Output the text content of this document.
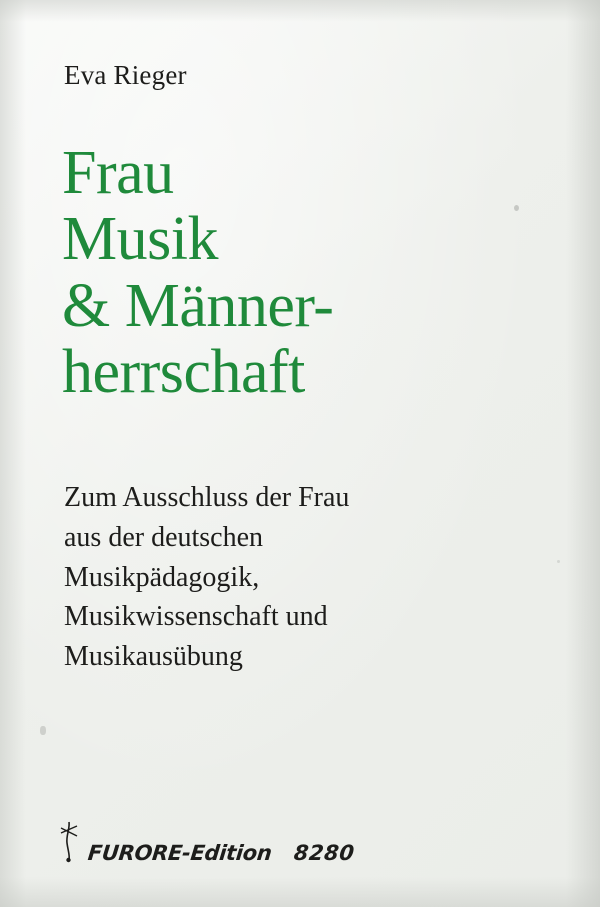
Eva Rieger
Frau
Musik
& Männer-
herrschaft
Zum Ausschluss der Frau
aus der deutschen
Musikpädagogik,
Musikwissenschaft und
Musikausübung
FURORE-Edition 8280
